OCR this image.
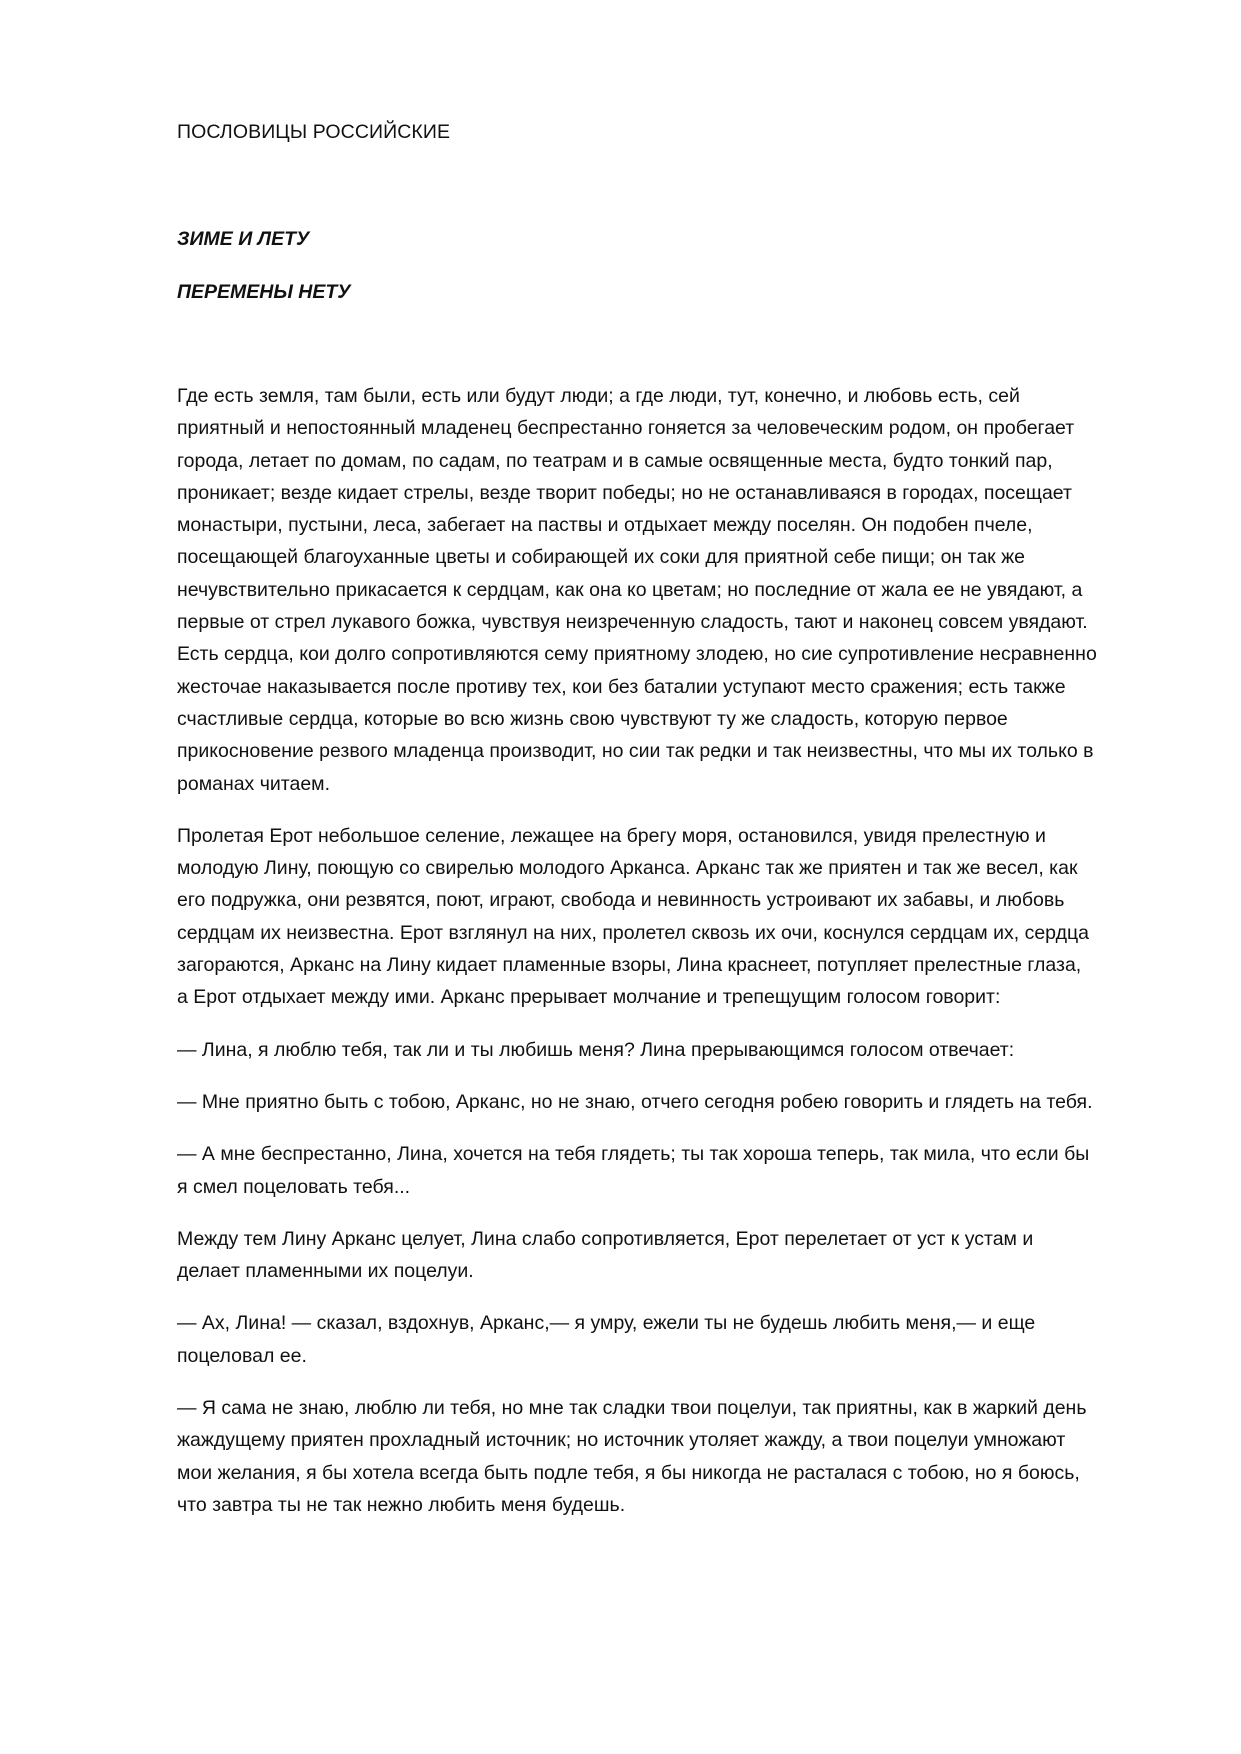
ПОСЛОВИЦЫ РОССИЙСКИЕ
ЗИМЕ И ЛЕТУ
ПЕРЕМЕНЫ НЕТУ

Где есть земля, там были, есть или будут люди; а где люди, тут, конечно, и любовь есть, сей приятный и непостоянный младенец беспрестанно гоняется за человеческим родом, он пробегает города, летает по домам, по садам, по театрам и в самые освященные места, будто тонкий пар, проникает; везде кидает стрелы, везде творит победы; но не останавливаяся в городах, посещает монастыри, пустыни, леса, забегает на паствы и отдыхает между поселян. Он подобен пчеле, посещающей благоуханные цветы и собирающей их соки для приятной себе пищи; он так же нечувствительно прикасается к сердцам, как она ко цветам; но последние от жала ее не увядают, а первые от стрел лукавого божка, чувствуя неизреченную сладость, тают и наконец совсем увядают. Есть сердца, кои долго сопротивляются сему приятному злодею, но сие супротивление несравненно жесточае наказывается после противу тех, кои без баталии уступают место сражения; есть также счастливые сердца, которые во всю жизнь свою чувствуют ту же сладость, которую первое прикосновение резвого младенца производит, но сии так редки и так неизвестны, что мы их только в романах читаем.

Пролетая Ерот небольшое селение, лежащее на брегу моря, остановился, увидя прелестную и молодую Лину, поющую со свирелью молодого Арканса. Арканс так же приятен и так же весел, как его подружка, они резвятся, поют, играют, свобода и невинность устроивают их забавы, и любовь сердцам их неизвестна. Ерот взглянул на них, пролетел сквозь их очи, коснулся сердцам их, сердца загораются, Арканс на Лину кидает пламенные взоры, Лина краснеет, потупляет прелестные глаза, а Ерот отдыхает между ими. Арканс прерывает молчание и трепещущим голосом говорит:

— Лина, я люблю тебя, так ли и ты любишь меня? Лина прерывающимся голосом отвечает:

— Мне приятно быть с тобою, Арканс, но не знаю, отчего сегодня робею говорить и глядеть на тебя.

— А мне беспрестанно, Лина, хочется на тебя глядеть; ты так хороша теперь, так мила, что если бы я смел поцеловать тебя...

Между тем Лину Арканс целует, Лина слабо сопротивляется, Ерот перелетает от уст к устам и делает пламенными их поцелуи.

— Ах, Лина! — сказал, вздохнув, Арканс,— я умру, ежели ты не будешь любить меня,— и еще поцеловал ее.

— Я сама не знаю, люблю ли тебя, но мне так сладки твои поцелуи, так приятны, как в жаркий день жаждущему приятен прохладный источник; но источник утоляет жажду, а твои поцелуи умножают мои желания, я бы хотела всегда быть подле тебя, я бы никогда не расталася с тобою, но я боюсь, что завтра ты не так нежно любить меня будешь.
